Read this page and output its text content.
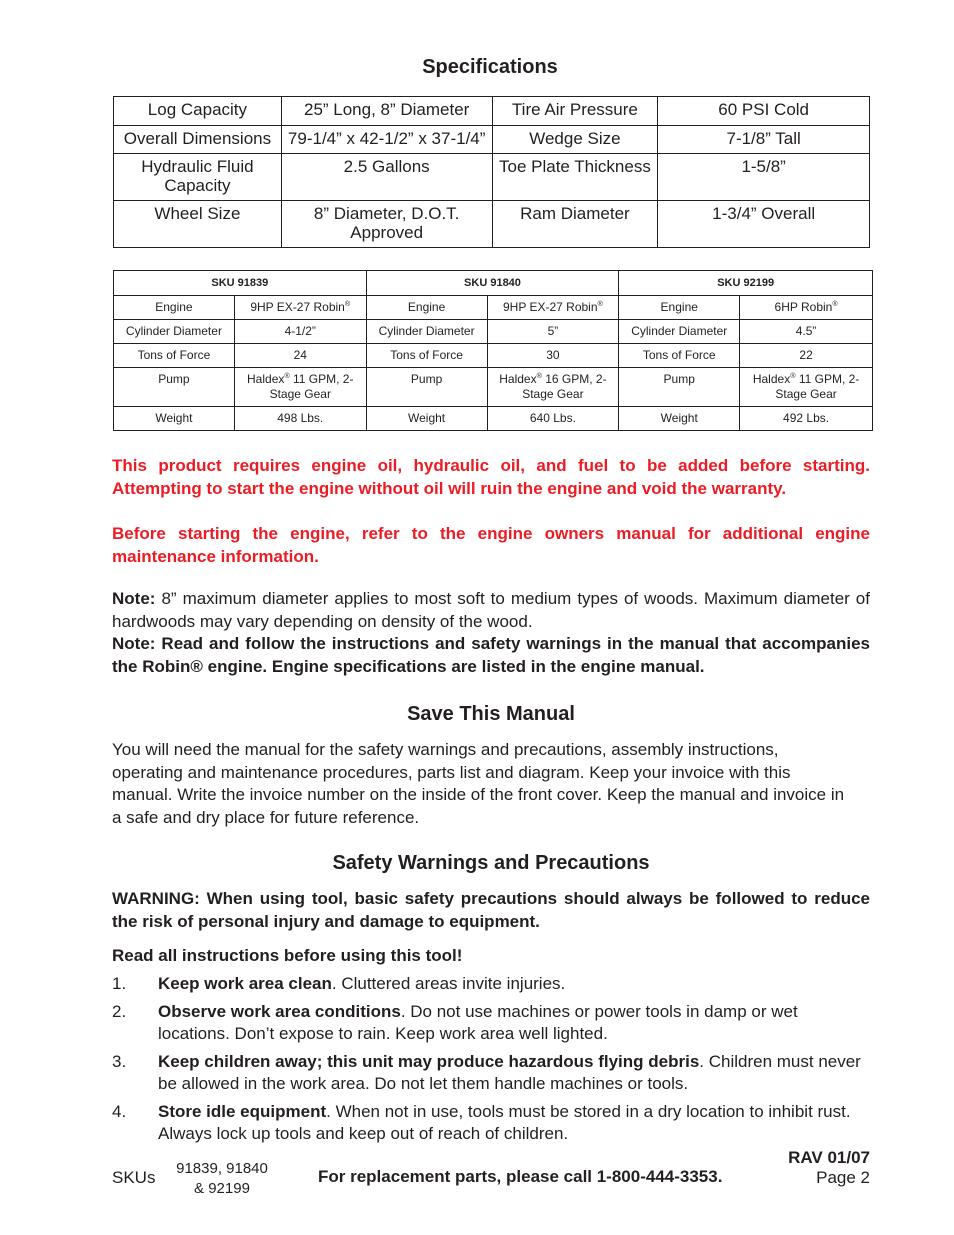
Specifications
Log Capacity	25” Long, 8” Diameter	Tire Air Pressure	60 PSI Cold
Overall Dimensions	79-1/4” x 42-1/2” x 37-1/4”	Wedge Size	7-1/8” Tall
Hydraulic Fluid Capacity	2.5 Gallons	Toe Plate Thickness	1-5/8”
Wheel Size	8” Diameter, D.O.T. Approved	Ram Diameter	1-3/4” Overall
SKU 91839		SKU 91840		SKU 92199	
Engine	9HP EX-27 Robin®	Engine	9HP EX-27 Robin®	Engine	6HP Robin®
Cylinder Diameter	4-1/2”	Cylinder Diameter	5”	Cylinder Diameter	4.5”
Tons of Force	24	Tons of Force	30	Tons of Force	22
Pump	Haldex® 11 GPM, 2-Stage Gear	Pump	Haldex® 16 GPM, 2-Stage Gear	Pump	Haldex® 11 GPM, 2-Stage Gear
Weight	498 Lbs.	Weight	640 Lbs.	Weight	492 Lbs.

This product requires engine oil, hydraulic oil, and fuel to be added before starting. Attempting to start the engine without oil will ruin the engine and void the warranty.

Before starting the engine, refer to the engine owners manual for additional engine maintenance information.

Note: 8” maximum diameter applies to most soft to medium types of woods. Maximum diameter of hardwoods may vary depending on density of the wood.

Note: Read and follow the instructions and safety warnings in the manual that accompanies the Robin® engine. Engine specifications are listed in the engine manual.

Save This Manual

You will need the manual for the safety warnings and precautions, assembly instructions, operating and maintenance procedures, parts list and diagram. Keep your invoice with this manual. Write the invoice number on the inside of the front cover. Keep the manual and invoice in a safe and dry place for future reference.

Safety Warnings and Precautions

WARNING: When using tool, basic safety precautions should always be followed to reduce the risk of personal injury and damage to equipment.

Read all instructions before using this tool!

1.	Keep work area clean. Cluttered areas invite injuries.
2.	Observe work area conditions. Do not use machines or power tools in damp or wet locations. Don’t expose to rain. Keep work area well lighted.
3.	Keep children away; this unit may produce hazardous flying debris. Children must never be allowed in the work area. Do not let them handle machines or tools.
4.	Store idle equipment. When not in use, tools must be stored in a dry location to inhibit rust. Always lock up tools and keep out of reach of children.
SKUs	91839, 91840
& 92199
For replacement parts, please call 1-800-444-3353.
RAV 01/07
Page 2
